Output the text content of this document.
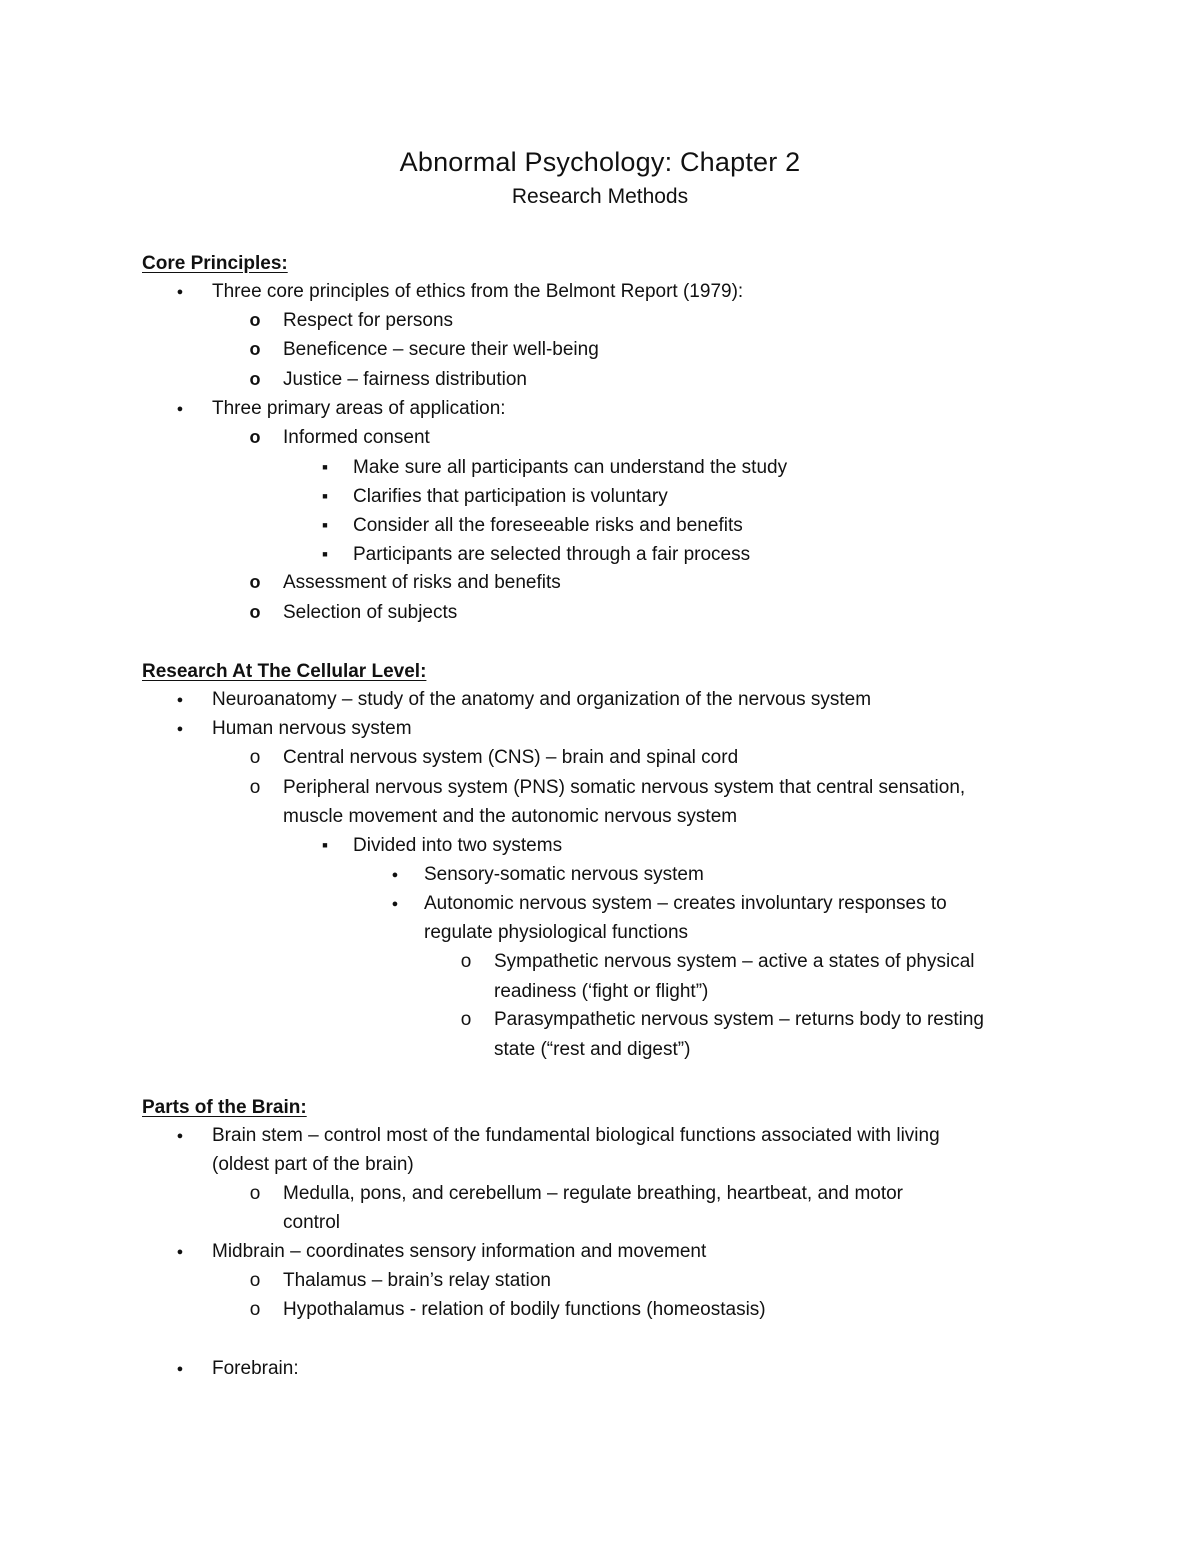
Abnormal Psychology: Chapter 2
Research Methods
Core Principles:
●
Three core principles of ethics from the Belmont Report (1979):
o
Respect for persons
o
Beneficence – secure their well-being
o
Justice – fairness distribution
●
Three primary areas of application:
o
Informed consent
■
Make sure all participants can understand the study
■
Clarifies that participation is voluntary
■
Consider all the foreseeable risks and benefits
■
Participants are selected through a fair process
o
Assessment of risks and benefits
o
Selection of subjects
Research At The Cellular Level:
●
Neuroanatomy – study of the anatomy and organization of the nervous system
●
Human nervous system
o
Central nervous system (CNS) – brain and spinal cord
o
Peripheral nervous system (PNS) somatic nervous system that central sensation,
muscle movement and the autonomic nervous system
■
Divided into two systems
●
Sensory-somatic nervous system
●
Autonomic nervous system – creates involuntary responses to
regulate physiological functions
o
Sympathetic nervous system – active a states of physical
readiness (‘fight or flight”)
o
Parasympathetic nervous system – returns body to resting
state (“rest and digest”)
Parts of the Brain:
●
Brain stem – control most of the fundamental biological functions associated with living
(oldest part of the brain)
o
Medulla, pons, and cerebellum – regulate breathing, heartbeat, and motor
control
●
Midbrain – coordinates sensory information and movement
o
Thalamus – brain’s relay station
o
Hypothalamus - relation of bodily functions (homeostasis)
●
Forebrain:
